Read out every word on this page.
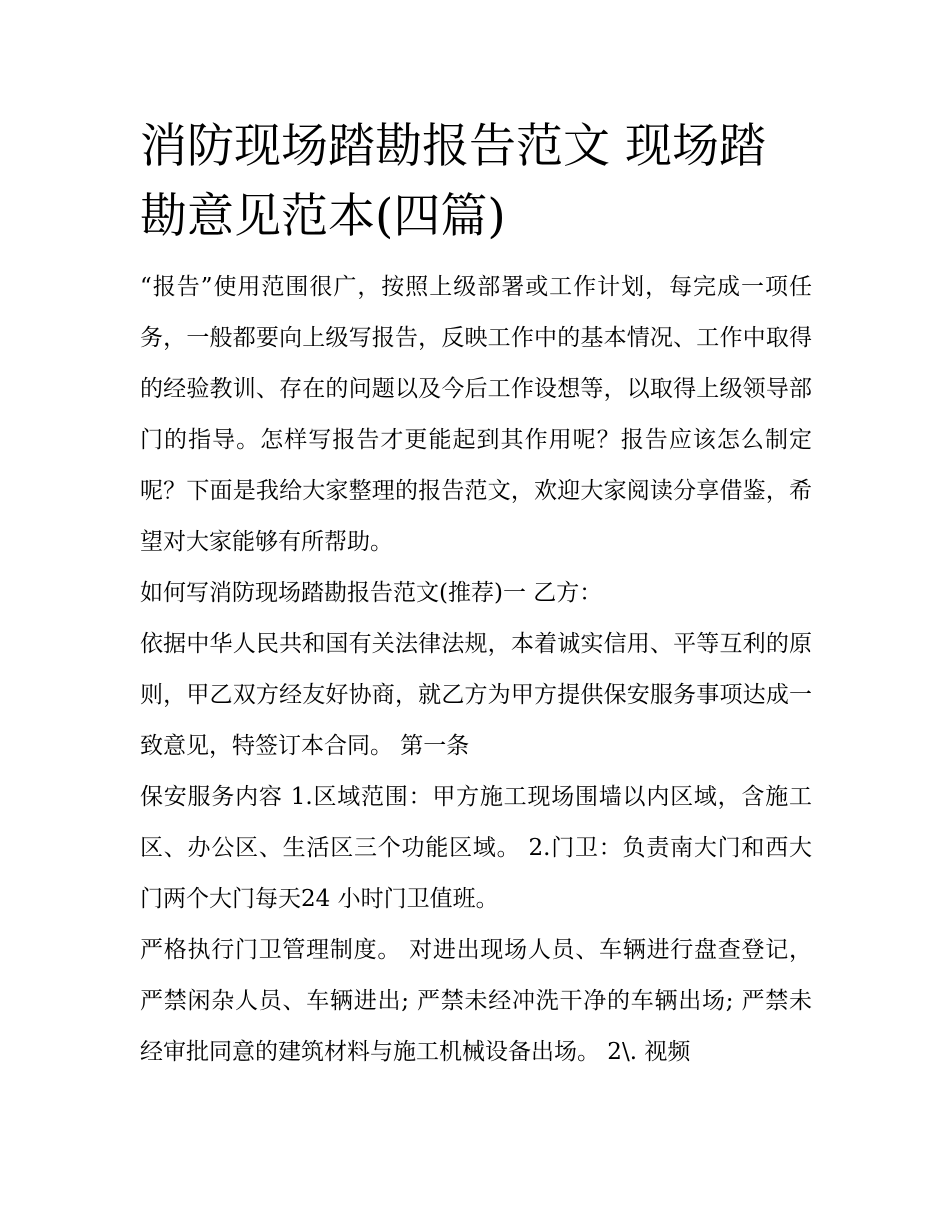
消防现场踏勘报告范文 现场踏勘意见范本(四篇)

“报告”使用范围很广，按照上级部署或工作计划，每完成一项任务，一般都要向上级写报告，反映工作中的基本情况、工作中取得的经验教训、存在的问题以及今后工作设想等，以取得上级领导部门的指导。怎样写报告才更能起到其作用呢？报告应该怎么制定呢？下面是我给大家整理的报告范文，欢迎大家阅读分享借鉴，希望对大家能够有所帮助。

如何写消防现场踏勘报告范文(推荐)一 乙方：

依据中华人民共和国有关法律法规，本着诚实信用、平等互利的原则，甲乙双方经友好协商，就乙方为甲方提供保安服务事项达成一致意见，特签订本合同。 第一条

保安服务内容 1.区域范围：甲方施工现场围墙以内区域，含施工区、办公区、生活区三个功能区域。 2.门卫：负责南大门和西大门两个大门每天24 小时门卫值班。

严格执行门卫管理制度。 对进出现场人员、车辆进行盘查登记，严禁闲杂人员、车辆进出; 严禁未经冲洗干净的车辆出场; 严禁未经审批同意的建筑材料与施工机械设备出场。 2\. 视频
